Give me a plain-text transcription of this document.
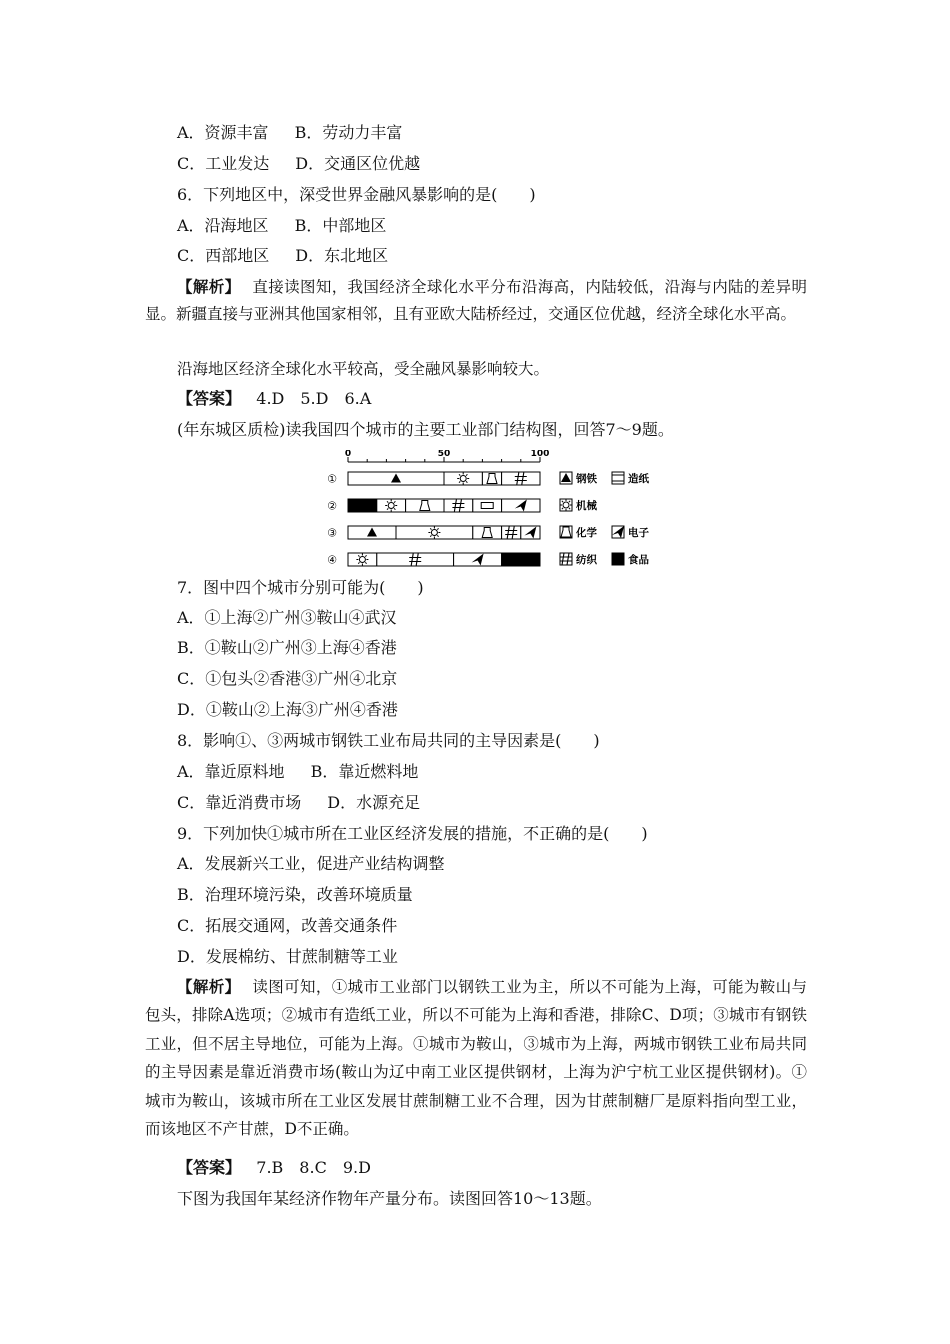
A．资源丰富 B．劳动力丰富
C．工业发达 D．交通区位优越
6．下列地区中，深受世界金融风暴影响的是(　　)
A．沿海地区 B．中部地区
C．西部地区 D．东北地区
【解析】 直接读图知，我国经济全球化水平分布沿海高，内陆较低，沿海与内陆的差异明显。新疆直接与亚洲其他国家相邻，且有亚欧大陆桥经过，交通区位优越，经济全球化水平高。
沿海地区经济全球化水平较高，受全融风暴影响较大。
【答案】 4.D　5.D　6.A
(年东城区质检)读我国四个城市的主要工业部门结构图，回答7～9题。
0	50	100
①
②
③
④
钢铁	造纸
机械
化学	电子
纺织	食品
7．图中四个城市分别可能为(　　)
A．①上海②广州③鞍山④武汉
B．①鞍山②广州③上海④香港
C．①包头②香港③广州④北京
D．①鞍山②上海③广州④香港
8．影响①、③两城市钢铁工业布局共同的主导因素是(　　)
A．靠近原料地 B．靠近燃料地
C．靠近消费市场 D．水源充足
9．下列加快①城市所在工业区经济发展的措施，不正确的是(　　)
A．发展新兴工业，促进产业结构调整
B．治理环境污染，改善环境质量
C．拓展交通网，改善交通条件
D．发展棉纺、甘蔗制糖等工业
【解析】 读图可知，①城市工业部门以钢铁工业为主，所以不可能为上海，可能为鞍山与包头，排除A选项；②城市有造纸工业，所以不可能为上海和香港，排除C、D项；③城市有钢铁工业，但不居主导地位，可能为上海。①城市为鞍山，③城市为上海，两城市钢铁工业布局共同的主导因素是靠近消费市场(鞍山为辽中南工业区提供钢材，上海为沪宁杭工业区提供钢材)。①城市为鞍山，该城市所在工业区发展甘蔗制糖工业不合理，因为甘蔗制糖厂是原料指向型工业，而该地区不产甘蔗，D不正确。
【答案】 7.B　8.C　9.D
下图为我国年某经济作物年产量分布。读图回答10～13题。
